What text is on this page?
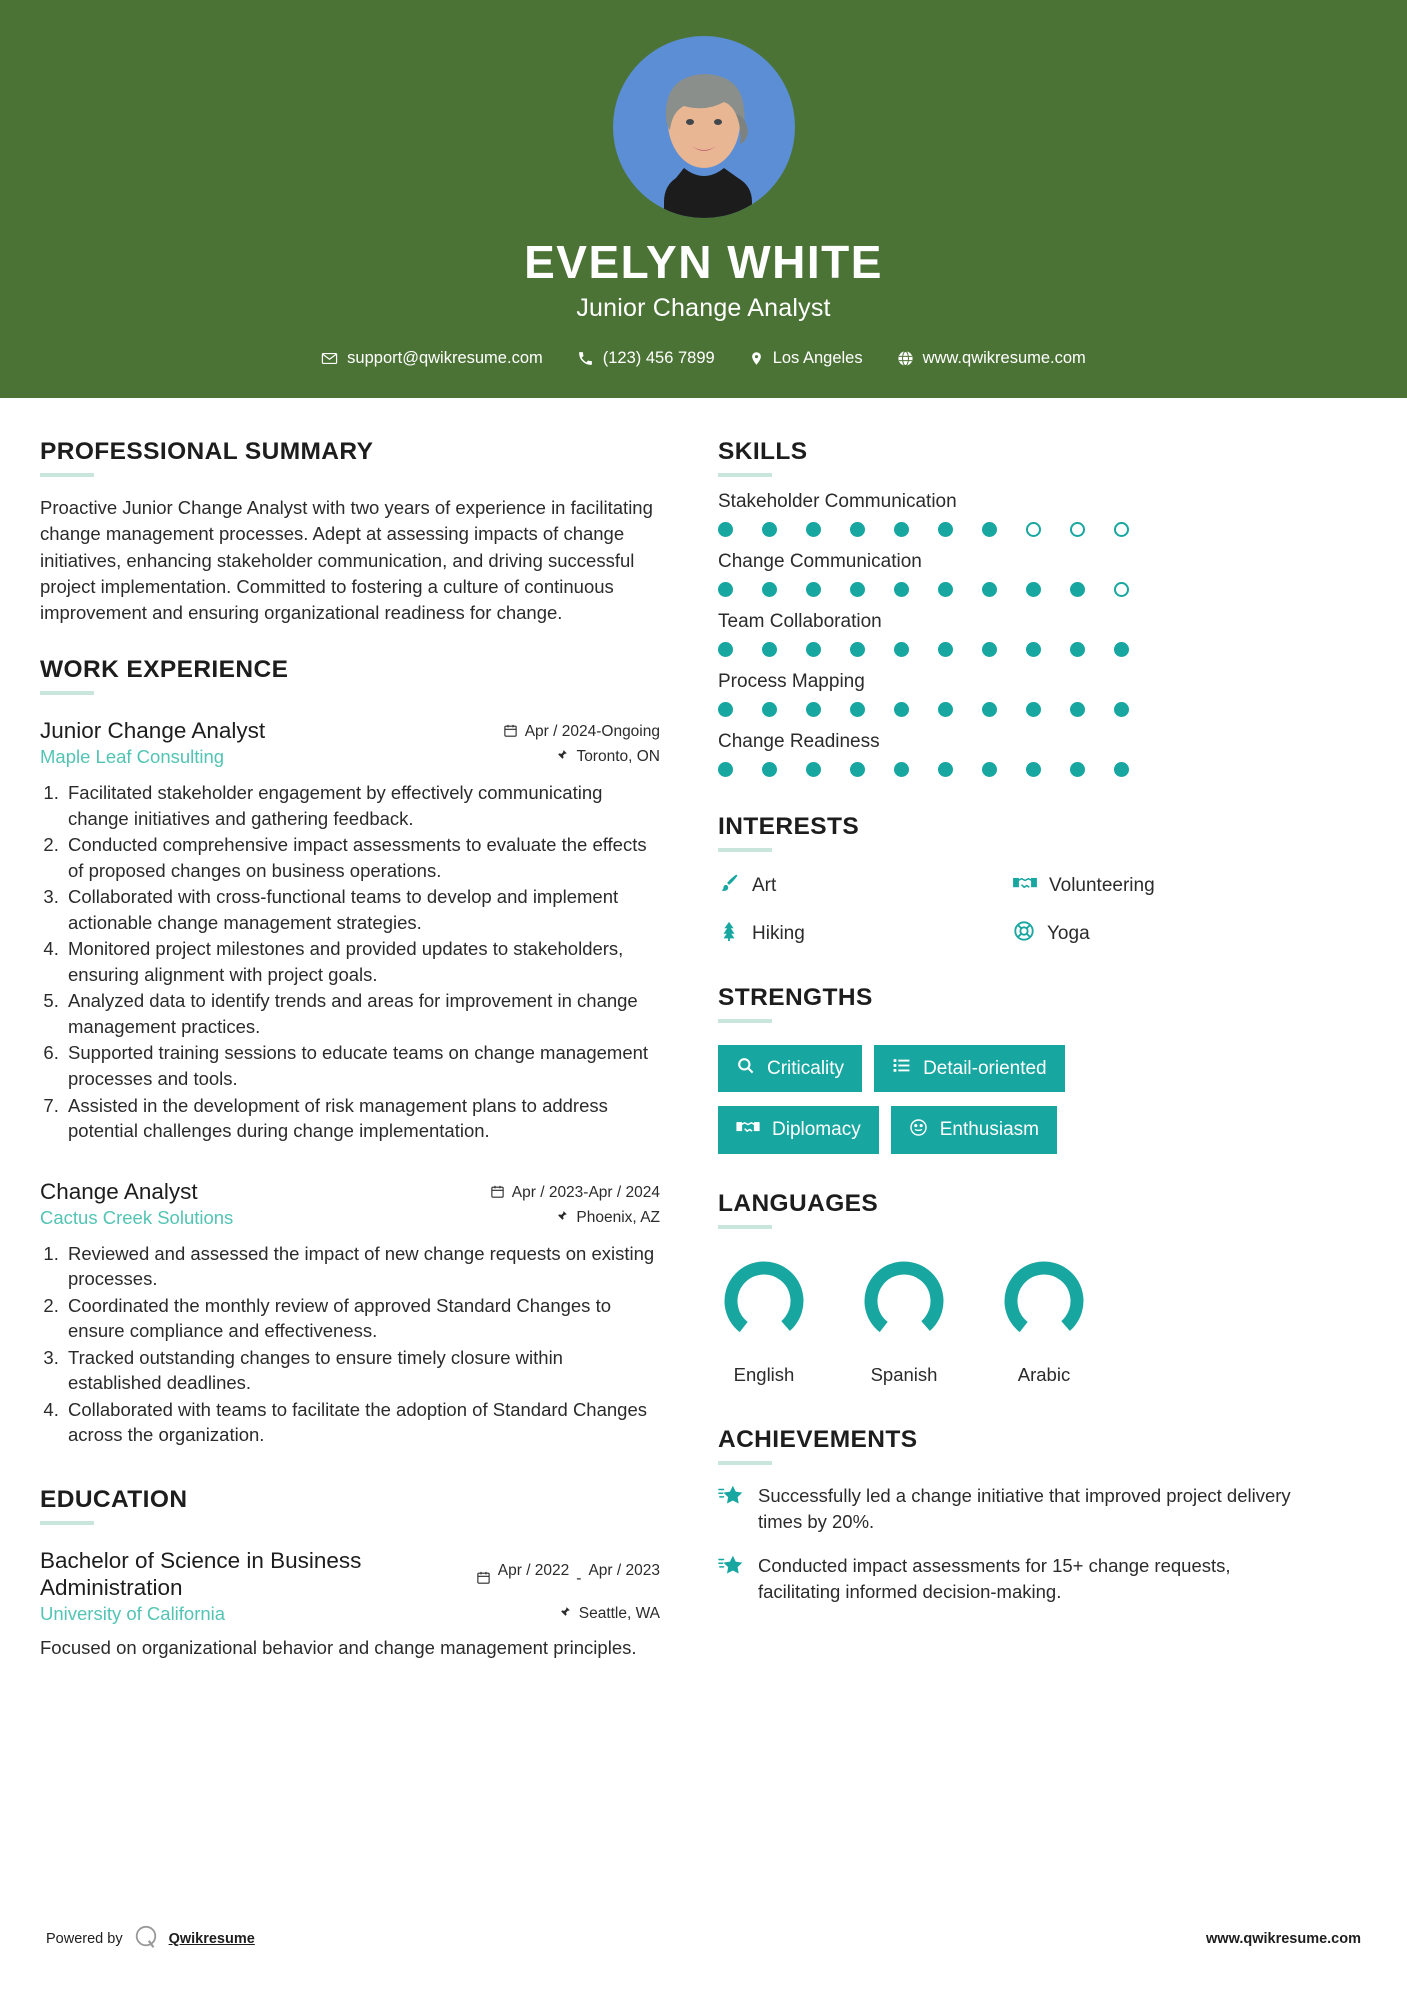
EVELYN WHITE
Junior Change Analyst
support@qwikresume.com	(123) 456 7899	Los Angeles	www.qwikresume.com
PROFESSIONAL SUMMARY
Proactive Junior Change Analyst with two years of experience in facilitating change management processes. Adept at assessing impacts of change initiatives, enhancing stakeholder communication, and driving successful project implementation. Committed to fostering a culture of continuous improvement and ensuring organizational readiness for change.
WORK EXPERIENCE
Junior Change Analyst	Apr / 2024-Ongoing
Maple Leaf Consulting	Toronto, ON
1. Facilitated stakeholder engagement by effectively communicating change initiatives and gathering feedback.
2. Conducted comprehensive impact assessments to evaluate the effects of proposed changes on business operations.
3. Collaborated with cross-functional teams to develop and implement actionable change management strategies.
4. Monitored project milestones and provided updates to stakeholders, ensuring alignment with project goals.
5. Analyzed data to identify trends and areas for improvement in change management practices.
6. Supported training sessions to educate teams on change management processes and tools.
7. Assisted in the development of risk management plans to address potential challenges during change implementation.
Change Analyst	Apr / 2023-Apr / 2024
Cactus Creek Solutions	Phoenix, AZ
1. Reviewed and assessed the impact of new change requests on existing processes.
2. Coordinated the monthly review of approved Standard Changes to ensure compliance and effectiveness.
3. Tracked outstanding changes to ensure timely closure within established deadlines.
4. Collaborated with teams to facilitate the adoption of Standard Changes across the organization.
EDUCATION
Bachelor of Science in Business Administration
Apr / 2022 - Apr / 2023
University of California	Seattle, WA
Focused on organizational behavior and change management principles.
SKILLS
Stakeholder Communication
Change Communication
Team Collaboration
Process Mapping
Change Readiness
INTERESTS
Art	Volunteering
Hiking	Yoga
STRENGTHS
Criticality	Detail-oriented
Diplomacy	Enthusiasm
LANGUAGES
English	Spanish	Arabic
ACHIEVEMENTS
Successfully led a change initiative that improved project delivery times by 20%.
Conducted impact assessments for 15+ change requests, facilitating informed decision-making.
Powered by	Qwikresume	www.qwikresume.com
